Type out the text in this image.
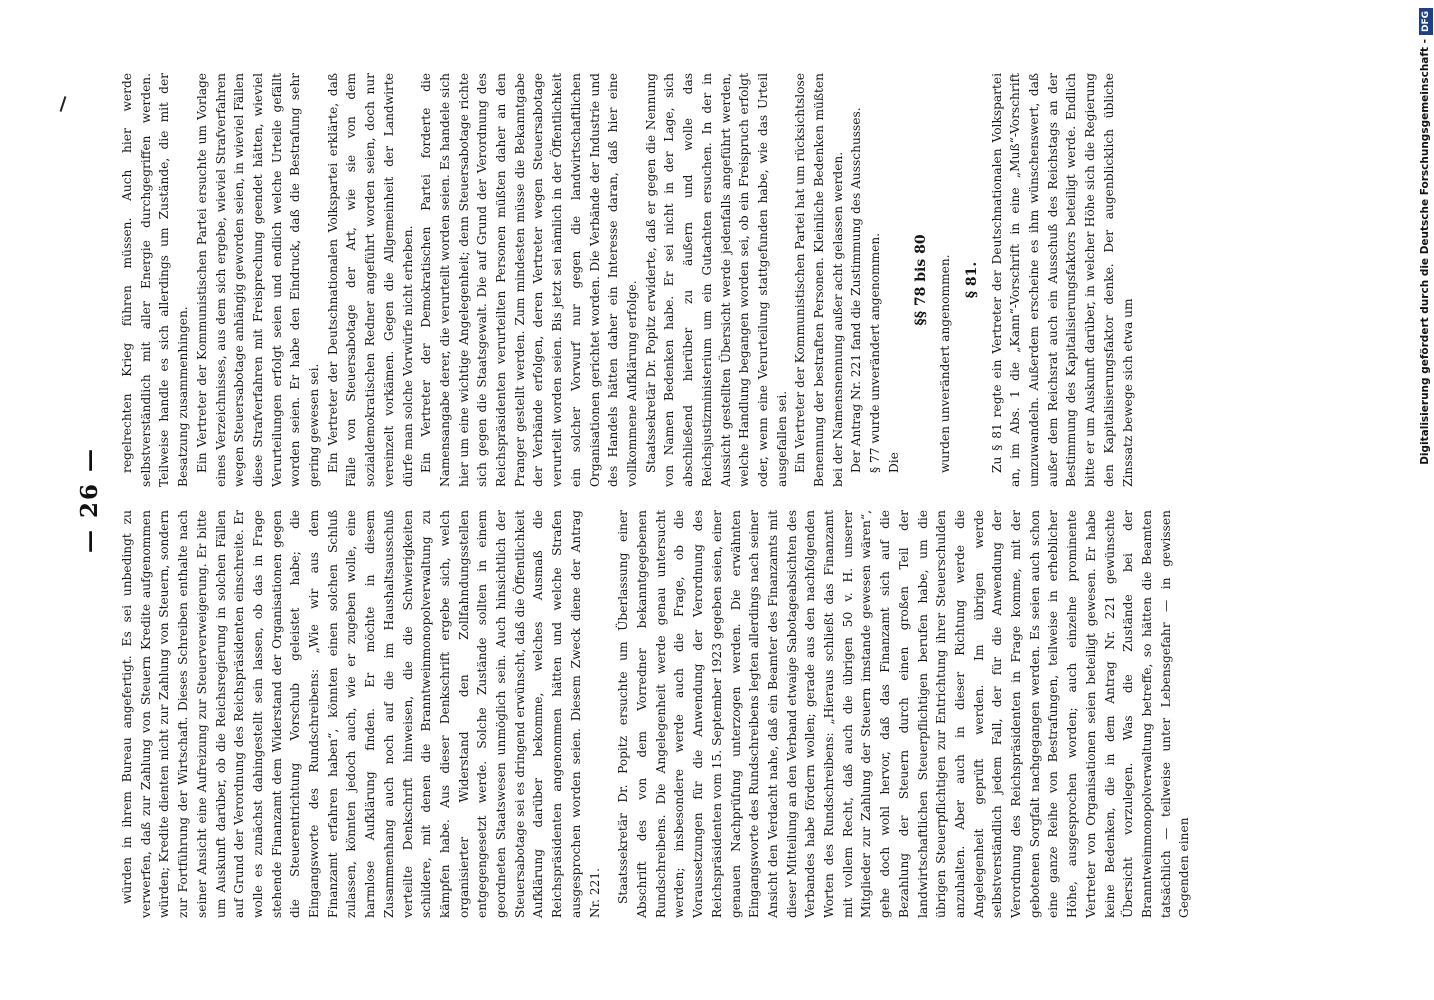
— 26 —

würden in ihrem Bureau angefertigt. Es sei unbedingt zu verwerfen, daß zur Zahlung von Steuern Kredite aufgenommen würden; Kredite dienten nicht zur Zahlung von Steuern, sondern zur Fortführung der Wirtschaft. Dieses Schreiben enthalte nach seiner Ansicht eine Aufreizung zur Steuerverweigerung. Er bitte um Auskunft darüber, ob die Reichsregierung in solchen Fällen auf Grund der Verordnung des Reichspräsidenten einschreite. Er wolle es zunächst dahingestellt sein lassen, ob das in Frage stehende Finanzamt dem Widerstand der Organisationen gegen die Steuerentrichtung Vorschub geleistet habe; die Eingangsworte des Rundschreibens: „Wie wir aus dem Finanzamt erfahren haben“, könnten einen solchen Schluß zulassen, könnten jedoch auch, wie er zugeben wolle, eine harmlose Aufklärung finden. Er möchte in diesem Zusammenhang auch noch auf die im Haushaltsausschuß verteilte Denkschrift hinweisen, die die Schwierigkeiten schildere, mit denen die Branntweinmonopolverwaltung zu kämpfen habe. Aus dieser Denkschrift ergebe sich, welch organisierter Widerstand den Zollfahndungsstellen entgegengesetzt werde. Solche Zustände sollten in einem geordneten Staatswesen unmöglich sein. Auch hinsichtlich der Steuersabotage sei es dringend erwünscht, daß die Öffentlichkeit Aufklärung darüber bekomme, welches Ausmaß die Reichspräsidenten angenommen hätten und welche Strafen ausgesprochen worden seien. Diesem Zweck diene der Antrag Nr. 221. Staatssekretär Dr. Popitz ersuchte um Überlassung einer Abschrift des von dem Vorredner bekanntgegebenen Rundschreibens. Die Angelegenheit werde genau untersucht werden; insbesondere werde auch die Frage, ob die Voraussetzungen für die Anwendung der Verordnung des Reichspräsidenten vom 15. September 1923 gegeben seien, einer genauen Nachprüfung unterzogen werden. Die erwähnten Eingangsworte des Rundschreibens legten allerdings nach seiner Ansicht den Verdacht nahe, daß ein Beamter des Finanzamts mit dieser Mitteilung an den Verband etwaige Sabotageabsichten des Verbandes habe fördern wollen; gerade aus den nachfolgenden Worten des Rundschreibens: „Hieraus schließt das Finanzamt mit vollem Recht, daß auch die übrigen 50 v. H. unserer Mitglieder zur Zahlung der Steuern imstande gewesen wären“, gehe doch wohl hervor, daß das Finanzamt sich auf die Bezahlung der Steuern durch einen großen Teil der landwirtschaftlichen Steuerpflichtigen berufen habe, um die übrigen Steuerpflichtigen zur Entrichtung ihrer Steuerschulden anzuhalten. Aber auch in dieser Richtung werde die Angelegenheit geprüft werden. Im übrigen werde selbstverständlich jedem Fall, der für die Anwendung der Verordnung des Reichspräsidenten in Frage komme, mit der gebotenen Sorgfalt nachgegangen werden. Es seien auch schon eine ganze Reihe von Bestrafungen, teilweise in erheblicher Höhe, ausgesprochen worden; auch einzelne prominente Vertreter von Organisationen seien beteiligt gewesen. Er habe keine Bedenken, die in dem Antrag Nr. 221 gewünschte Übersicht vorzulegen. Was die Zustände bei der Branntweinmonopolverwaltung betreffe, so hätten die Beamten tatsächlich — teilweise unter Lebensgefahr — in gewissen Gegenden einen

regelrechten Krieg führen müssen. Auch hier werde selbstverständlich mit aller Energie durchgegriffen werden. Teilweise handle es sich allerdings um Zustände, die mit der Besatzung zusammenhingen. Ein Vertreter der Kommunistischen Partei ersuchte um Vorlage eines Verzeichnisses, aus dem sich ergebe, wieviel Strafverfahren wegen Steuersabotage anhängig geworden seien, in wieviel Fällen diese Strafverfahren mit Freisprechung geendet hätten, wieviel Verurteilungen erfolgt seien und endlich welche Urteile gefällt worden seien. Er habe den Eindruck, daß die Bestrafung sehr gering gewesen sei. Ein Vertreter der Deutschnationalen Volkspartei erklärte, daß Fälle von Steuersabotage der Art, wie sie von dem sozialdemokratischen Redner angeführt worden seien, doch nur vereinzelt vorkämen. Gegen die Allgemeinheit der Landwirte dürfe man solche Vorwürfe nicht erheben. Ein Vertreter der Demokratischen Partei forderte die Namensangabe derer, die verurteilt worden seien. Es handele sich hier um eine wichtige Angelegenheit; denn Steuersabotage richte sich gegen die Staatsgewalt. Die auf Grund der Verordnung des Reichspräsidenten verurteilten Personen müßten daher an den Pranger gestellt werden. Zum mindesten müsse die Bekanntgabe der Verbände erfolgen, deren Vertreter wegen Steuersabotage verurteilt worden seien. Bis jetzt sei nämlich in der Öffentlichkeit ein solcher Vorwurf nur gegen die landwirtschaftlichen Organisationen gerichtet worden. Die Verbände der Industrie und des Handels hätten daher ein Interesse daran, daß hier eine vollkommene Aufklärung erfolge. Staatssekretär Dr. Popitz erwiderte, daß er gegen die Nennung von Namen Bedenken habe. Er sei nicht in der Lage, sich abschließend hierüber zu äußern und wolle das Reichsjustizministerium um ein Gutachten ersuchen. In der in Aussicht gestellten Übersicht werde jedenfalls angeführt werden, welche Handlung begangen worden sei, ob ein Freispruch erfolgt oder, wenn eine Verurteilung stattgefunden habe, wie das Urteil ausgefallen sei. Ein Vertreter der Kommunistischen Partei hat um rücksichtslose Benennung der bestraften Personen. Kleinliche Bedenken müßten bei der Namensnennung außer acht gelassen werden. Der Antrag Nr. 221 fand die Zustimmung des Ausschusses. § 77 wurde unverändert angenommen. Die

§§ 78 bis 80 wurden unverändert angenommen. § 81. Zu § 81 regte ein Vertreter der Deutschnationalen Volkspartei an, im Abs. 1 die „Kann“-Vorschrift in eine „Muß“-Vorschrift umzuwandeln. Außerdem erscheine es ihm wünschenswert, daß außer dem Reichsrat auch ein Ausschuß des Reichstags an der Bestimmung des Kapitalisierungsfaktors beteiligt werde. Endlich bitte er um Auskunft darüber, in welcher Höhe sich die Regierung den Kapitalisierungsfaktor denke. Der augenblicklich übliche Zinssatz bewege sich etwa um	Digitalisierung gefördert durch die Deutsche Forschungsgemeinschaft -DFG
